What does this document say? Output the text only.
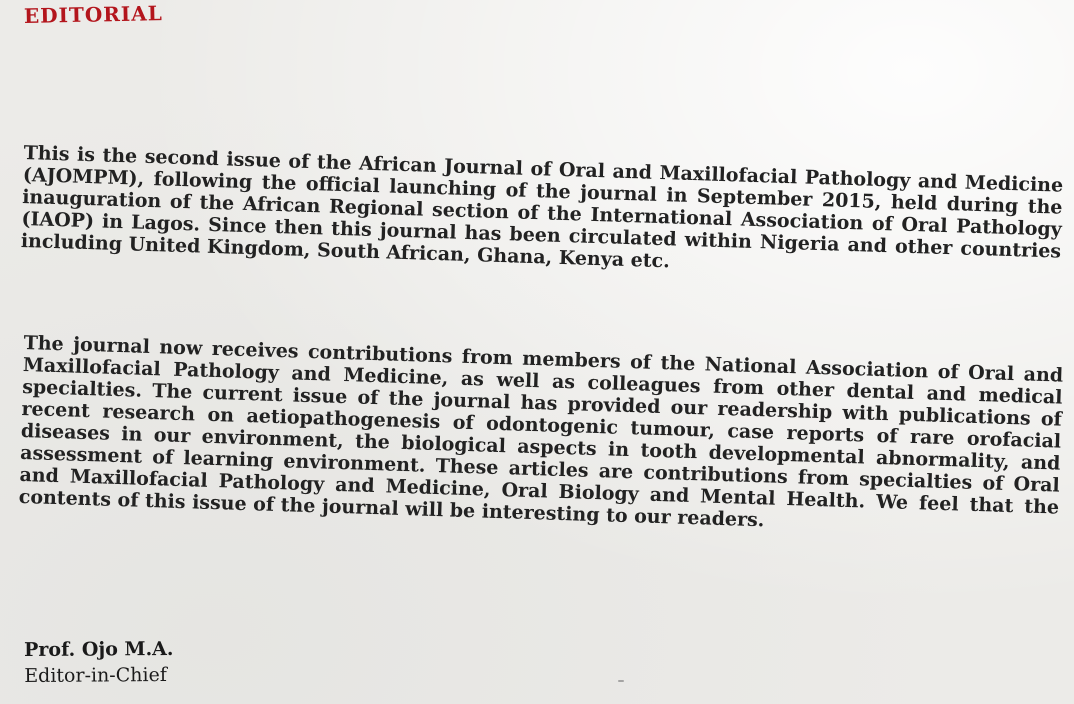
EDITORIAL

This is the second issue of the African Journal of Oral and Maxillofacial Pathology and Medicine (AJOMPM), following the official launching of the journal in September 2015, held during the inauguration of the African Regional section of the International Association of Oral Pathology (IAOP) in Lagos. Since then this journal has been circulated within Nigeria and other countries including United Kingdom, South African, Ghana, Kenya etc.

The journal now receives contributions from members of the National Association of Oral and Maxillofacial Pathology and Medicine, as well as colleagues from other dental and medical specialties. The current issue of the journal has provided our readership with publications of recent research on aetiopathogenesis of odontogenic tumour, case reports of rare orofacial diseases in our environment, the biological aspects in tooth developmental abnormality, and assessment of learning environment. These articles are contributions from specialties of Oral and Maxillofacial Pathology and Medicine, Oral Biology and Mental Health. We feel that the contents of this issue of the journal will be interesting to our readers.

Prof. Ojo M.A.
Editor-in-Chief
